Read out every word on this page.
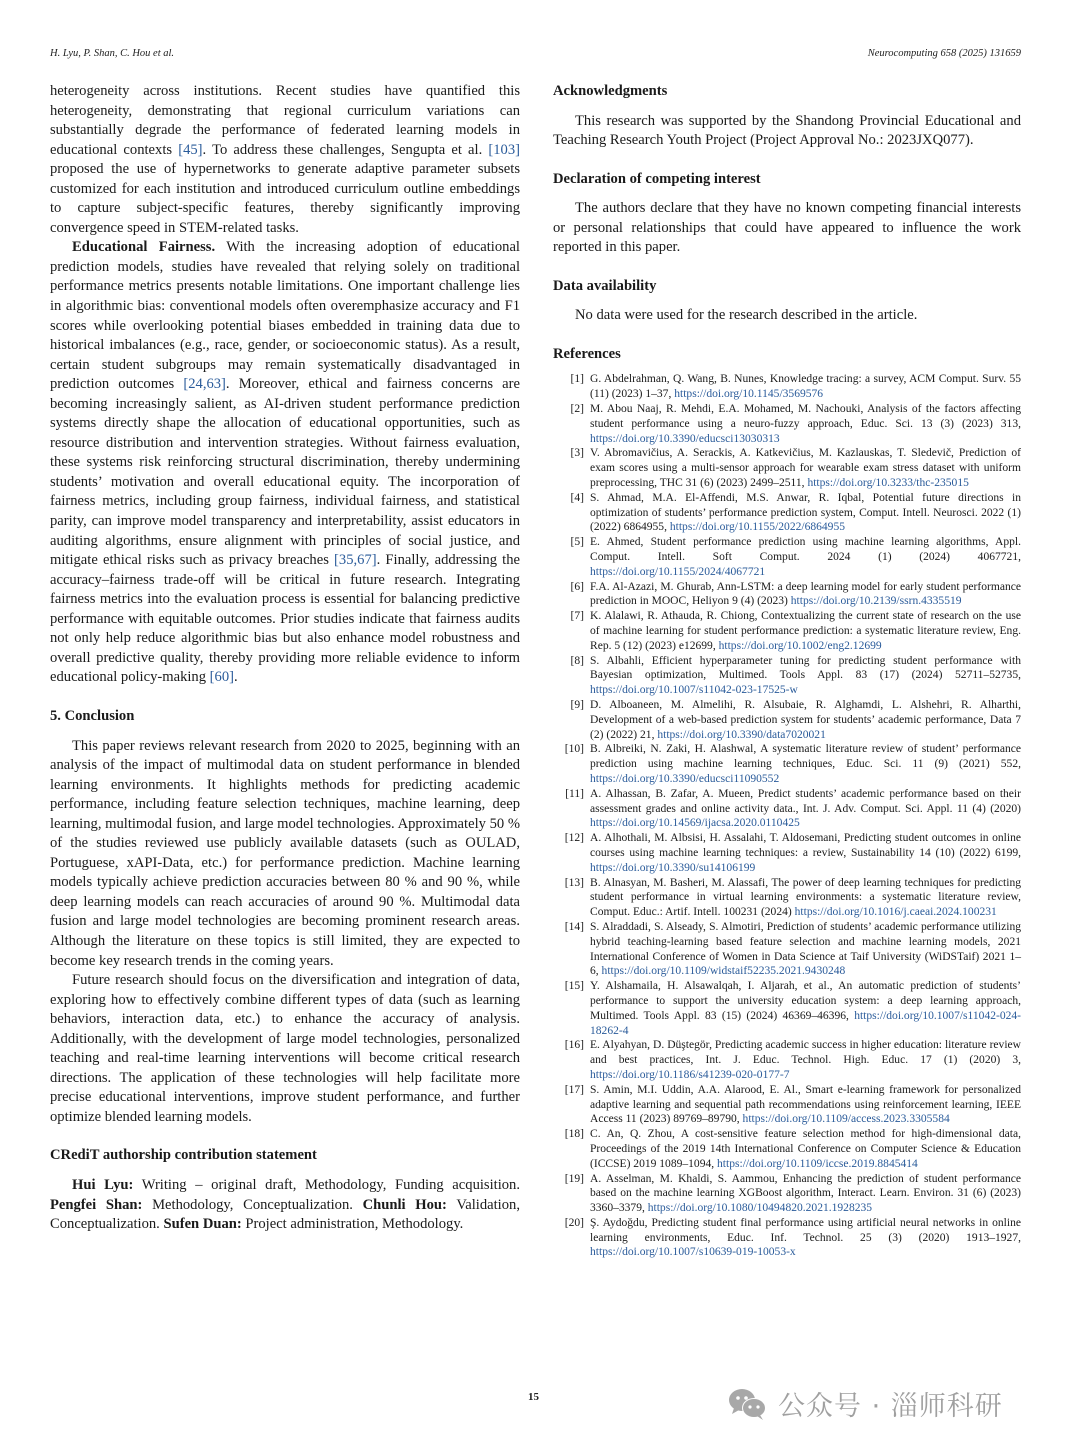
H. Lyu, P. Shan, C. Hou et al.	Neurocomputing 658 (2025) 131659

heterogeneity across institutions. Recent studies have quantified this heterogeneity, demonstrating that regional curriculum variations can substantially degrade the performance of federated learning models in educational contexts [45]. To address these challenges, Sengupta et al. [103] proposed the use of hypernetworks to generate adaptive parameter subsets customized for each institution and introduced curriculum outline embeddings to capture subject-specific features, thereby significantly improving convergence speed in STEM-related tasks.

Educational Fairness. With the increasing adoption of educational prediction models, studies have revealed that relying solely on traditional performance metrics presents notable limitations. One important challenge lies in algorithmic bias: conventional models often overemphasize accuracy and F1 scores while overlooking potential biases embedded in training data due to historical imbalances (e.g., race, gender, or socioeconomic status). As a result, certain student subgroups may remain systematically disadvantaged in prediction outcomes [24,63]. Moreover, ethical and fairness concerns are becoming increasingly salient, as AI-driven student performance prediction systems directly shape the allocation of educational opportunities, such as resource distribution and intervention strategies. Without fairness evaluation, these systems risk reinforcing structural discrimination, thereby undermining students’ motivation and overall educational equity. The incorporation of fairness metrics, including group fairness, individual fairness, and statistical parity, can improve model transparency and interpretability, assist educators in auditing algorithms, ensure alignment with principles of social justice, and mitigate ethical risks such as privacy breaches [35,67]. Finally, addressing the accuracy–fairness trade-off will be critical in future research. Integrating fairness metrics into the evaluation process is essential for balancing predictive performance with equitable outcomes. Prior studies indicate that fairness audits not only help reduce algorithmic bias but also enhance model robustness and overall predictive quality, thereby providing more reliable evidence to inform educational policy-making [60].

5. Conclusion

This paper reviews relevant research from 2020 to 2025, beginning with an analysis of the impact of multimodal data on student performance in blended learning environments. It highlights methods for predicting academic performance, including feature selection techniques, machine learning, deep learning, multimodal fusion, and large model technologies. Approximately 50 % of the studies reviewed use publicly available datasets (such as OULAD, Portuguese, xAPI-Data, etc.) for performance prediction. Machine learning models typically achieve prediction accuracies between 80 % and 90 %, while deep learning models can reach accuracies of around 90 %. Multimodal data fusion and large model technologies are becoming prominent research areas. Although the literature on these topics is still limited, they are expected to become key research trends in the coming years.

Future research should focus on the diversification and integration of data, exploring how to effectively combine different types of data (such as learning behaviors, interaction data, etc.) to enhance the accuracy of analysis. Additionally, with the development of large model technologies, personalized teaching and real-time learning interventions will become critical research directions. The application of these technologies will help facilitate more precise educational interventions, improve student performance, and further optimize blended learning models.

CRediT authorship contribution statement

Hui Lyu: Writing – original draft, Methodology, Funding acquisition. Pengfei Shan: Methodology, Conceptualization. Chunli Hou: Validation, Conceptualization. Sufen Duan: Project administration, Methodology.

Acknowledgments

This research was supported by the Shandong Provincial Educational and Teaching Research Youth Project (Project Approval No.: 2023JXQ077).

Declaration of competing interest

The authors declare that they have no known competing financial interests or personal relationships that could have appeared to influence the work reported in this paper.

Data availability

No data were used for the research described in the article.

References
[1] G. Abdelrahman, Q. Wang, B. Nunes, Knowledge tracing: a survey, ACM Comput. Surv. 55 (11) (2023) 1–37, https://doi.org/10.1145/3569576
[2] M. Abou Naaj, R. Mehdi, E.A. Mohamed, M. Nachouki, Analysis of the factors affecting student performance using a neuro-fuzzy approach, Educ. Sci. 13 (3) (2023) 313, https://doi.org/10.3390/educsci13030313
[3] V. Abromavičius, A. Serackis, A. Katkevičius, M. Kazlauskas, T. Sledevič, Prediction of exam scores using a multi-sensor approach for wearable exam stress dataset with uniform preprocessing, THC 31 (6) (2023) 2499–2511, https://doi.org/10.3233/thc-235015
[4] S. Ahmad, M.A. El-Affendi, M.S. Anwar, R. Iqbal, Potential future directions in optimization of students’ performance prediction system, Comput. Intell. Neurosci. 2022 (1) (2022) 6864955, https://doi.org/10.1155/2022/6864955
[5] E. Ahmed, Student performance prediction using machine learning algorithms, Appl. Comput. Intell. Soft Comput. 2024 (1) (2024) 4067721, https://doi.org/10.1155/2024/4067721
[6] F.A. Al-Azazi, M. Ghurab, Ann-LSTM: a deep learning model for early student performance prediction in MOOC, Heliyon 9 (4) (2023) https://doi.org/10.2139/ssrn.4335519
[7] K. Alalawi, R. Athauda, R. Chiong, Contextualizing the current state of research on the use of machine learning for student performance prediction: a systematic literature review, Eng. Rep. 5 (12) (2023) e12699, https://doi.org/10.1002/eng2.12699
[8] S. Albahli, Efficient hyperparameter tuning for predicting student performance with Bayesian optimization, Multimed. Tools Appl. 83 (17) (2024) 52711–52735, https://doi.org/10.1007/s11042-023-17525-w
[9] D. Alboaneen, M. Almelihi, R. Alsubaie, R. Alghamdi, L. Alshehri, R. Alharthi, Development of a web-based prediction system for students’ academic performance, Data 7 (2) (2022) 21, https://doi.org/10.3390/data7020021
[10] B. Albreiki, N. Zaki, H. Alashwal, A systematic literature review of student’ performance prediction using machine learning techniques, Educ. Sci. 11 (9) (2021) 552, https://doi.org/10.3390/educsci11090552
[11] A. Alhassan, B. Zafar, A. Mueen, Predict students’ academic performance based on their assessment grades and online activity data., Int. J. Adv. Comput. Sci. Appl. 11 (4) (2020) https://doi.org/10.14569/ijacsa.2020.0110425
[12] A. Alhothali, M. Albsisi, H. Assalahi, T. Aldosemani, Predicting student outcomes in online courses using machine learning techniques: a review, Sustainability 14 (10) (2022) 6199, https://doi.org/10.3390/su14106199
[13] B. Alnasyan, M. Basheri, M. Alassafi, The power of deep learning techniques for predicting student performance in virtual learning environments: a systematic literature review, Comput. Educ.: Artif. Intell. 100231 (2024) https://doi.org/10.1016/j.caeai.2024.100231
[14] S. Alraddadi, S. Alseady, S. Almotiri, Prediction of students’ academic performance utilizing hybrid teaching-learning based feature selection and machine learning models, 2021 International Conference of Women in Data Science at Taif University (WiDSTaif) 2021 1–6, https://doi.org/10.1109/widstaif52235.2021.9430248
[15] Y. Alshamaila, H. Alsawalqah, I. Aljarah, et al., An automatic prediction of students’ performance to support the university education system: a deep learning approach, Multimed. Tools Appl. 83 (15) (2024) 46369–46396, https://doi.org/10.1007/s11042-024-18262-4
[16] E. Alyahyan, D. Düştegör, Predicting academic success in higher education: literature review and best practices, Int. J. Educ. Technol. High. Educ. 17 (1) (2020) 3, https://doi.org/10.1186/s41239-020-0177-7
[17] S. Amin, M.I. Uddin, A.A. Alarood, E. Al., Smart e-learning framework for personalized adaptive learning and sequential path recommendations using reinforcement learning, IEEE Access 11 (2023) 89769–89790, https://doi.org/10.1109/access.2023.3305584
[18] C. An, Q. Zhou, A cost-sensitive feature selection method for high-dimensional data, Proceedings of the 2019 14th International Conference on Computer Science & Education (ICCSE) 2019 1089–1094, https://doi.org/10.1109/iccse.2019.8845414
[19] A. Asselman, M. Khaldi, S. Aammou, Enhancing the prediction of student performance based on the machine learning XGBoost algorithm, Interact. Learn. Environ. 31 (6) (2023) 3360–3379, https://doi.org/10.1080/10494820.2021.1928235
[20] Ş. Aydoğdu, Predicting student final performance using artificial neural networks in online learning environments, Educ. Inf. Technol. 25 (3) (2020) 1913–1927, https://doi.org/10.1007/s10639-019-10053-x
15	公众号 · 淄师科研
